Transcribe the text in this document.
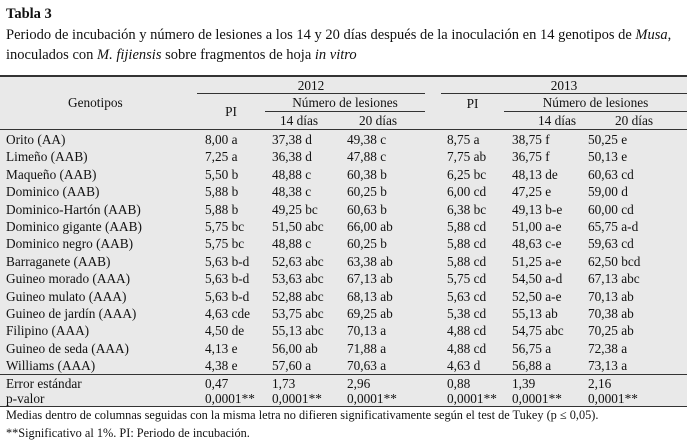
Tabla 3
Periodo de incubación y número de lesiones a los 14 y 20 días después de la inoculación en 14 genotipos de Musa, inoculados con M. fijiensis sobre fragmentos de hoja in vitro
Genotipos
2012	2013
PI
PI
Número de lesiones	Número de lesiones
14 días	20 días	14 días	20 días
Orito (AA)	8,00 a	37,38 d	49,38 c	8,75 a 38,75 f	50,25 e
Limeño (AAB)	7,25 a	36,38 d	47,88 c	7,75 ab 36,75 f	50,13 e
Maqueño (AAB)	5,50 b	48,88 c	60,38 b	6,25 bc 48,13 de 60,63 cd
Dominico (AAB)	5,88 b	48,38 c	60,25 b	6,00 cd 47,25 e	59,00 d
Dominico-Hartón (AAB)	5,88 b	49,25 bc 60,63 b	6,38 bc 49,13 b-e 60,00 cd
Dominico gigante (AAB)	5,75 bc 51,50 abc 66,00 ab	5,88 cd 51,00 a-e 65,75 a-d
Dominico negro (AAB)	5,75 bc 48,88 c	60,25 b	5,88 cd 48,63 c-e 59,63 cd
Barraganete (AAB)	5,63 b-d 52,63 abc 63,38 ab	5,88 cd 51,25 a-e 62,50 bcd
Guineo morado (AAA)	5,63 b-d 53,63 abc 67,13 ab	5,75 cd 54,50 a-d 67,13 abc
Guineo mulato (AAA)	5,63 b-d 52,88 abc 68,13 ab	5,63 cd 52,50 a-e 70,13 ab
Guineo de jardín (AAA)	4,63 cde 53,75 abc 69,25 ab	5,38 cd 55,13 ab 70,38 ab
Filipino (AAA)	4,50 de 55,13 abc 70,13 a	4,88 cd 54,75 abc 70,25 ab
Guineo de seda (AAA)	4,13 e	56,00 ab 71,88 a	4,88 cd 56,75 a	72,38 a
Williams (AAA)	4,38 e	57,60 a	70,63 a	4,63 d 56,88 a	73,13 a
Error estándar	0,47	1,73	2,96	0,88	1,39	2,16
p-valor	0,0001** 0,0001** 0,0001**	0,0001** 0,0001** 0,0001**
Medias dentro de columnas seguidas con la misma letra no difieren significativamente según el test de Tukey (p ≤ 0,05).
**Significativo al 1%. PI: Periodo de incubación.
